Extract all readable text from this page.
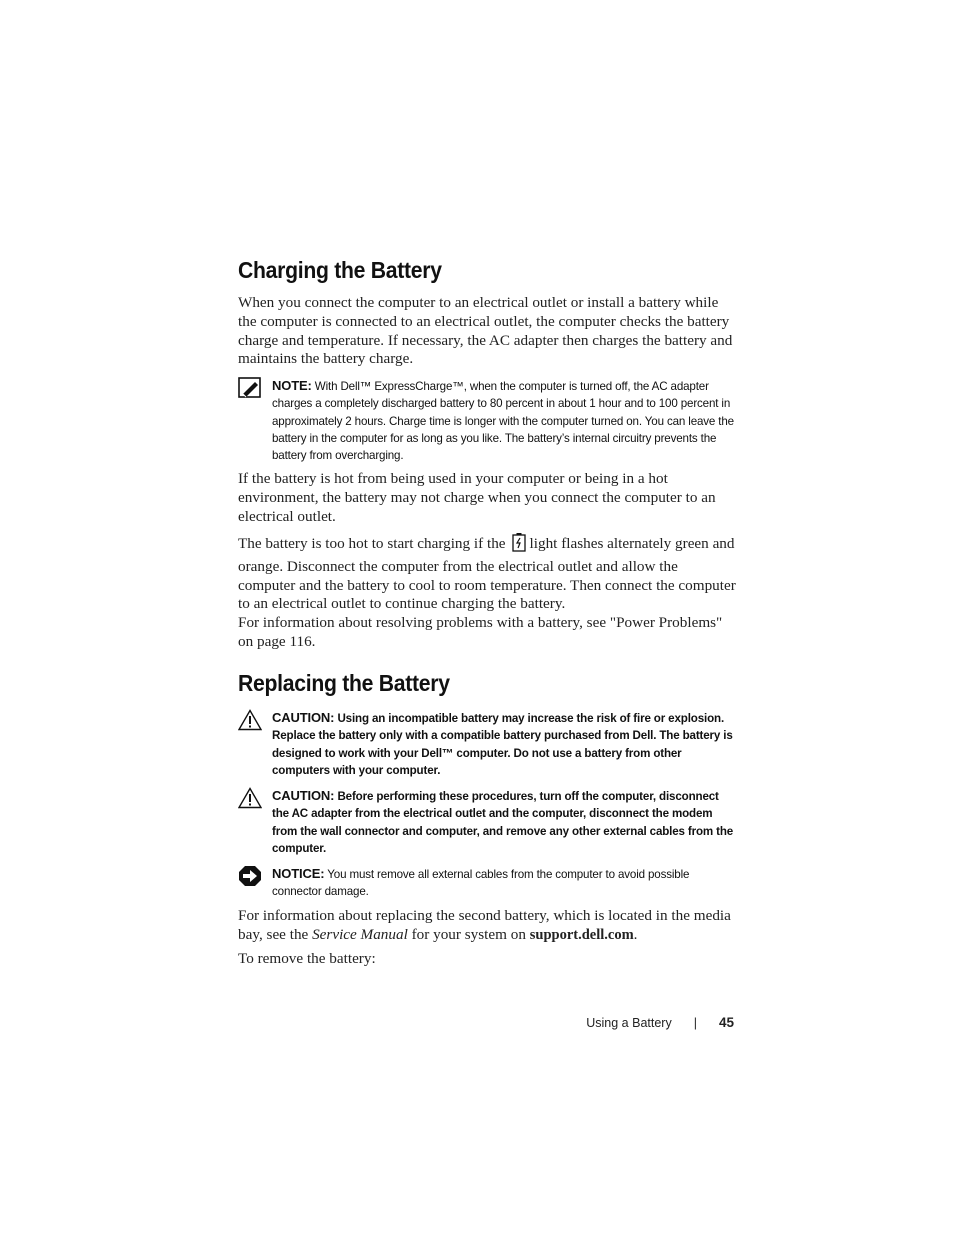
Charging the Battery

When you connect the computer to an electrical outlet or install a battery while the computer is connected to an electrical outlet, the computer checks the battery charge and temperature. If necessary, the AC adapter then charges the battery and maintains the battery charge.

NOTE: With Dell™ ExpressCharge™, when the computer is turned off, the AC adapter charges a completely discharged battery to 80 percent in about 1 hour and to 100 percent in approximately 2 hours. Charge time is longer with the computer turned on. You can leave the battery in the computer for as long as you like. The battery’s internal circuitry prevents the battery from overcharging.

If the battery is hot from being used in your computer or being in a hot environment, the battery may not charge when you connect the computer to an electrical outlet.

The battery is too hot to start charging if the light flashes alternately green and orange. Disconnect the computer from the electrical outlet and allow the computer and the battery to cool to room temperature. Then connect the computer to an electrical outlet to continue charging the battery.

For information about resolving problems with a battery, see "Power Problems" on page 116.

Replacing the Battery
CAUTION: Using an incompatible battery may increase the risk of fire or explosion. Replace the battery only with a compatible battery purchased from Dell. The battery is designed to work with your Dell™ computer. Do not use a battery from other computers with your computer.
CAUTION: Before performing these procedures, turn off the computer, disconnect the AC adapter from the electrical outlet and the computer, disconnect the modem from the wall connector and computer, and remove any other external cables from the computer.
NOTICE: You must remove all external cables from the computer to avoid possible connector damage.

For information about replacing the second battery, which is located in the media bay, see the Service Manual for your system on support.dell.com.

To remove the battery:

Using a Battery | 45
